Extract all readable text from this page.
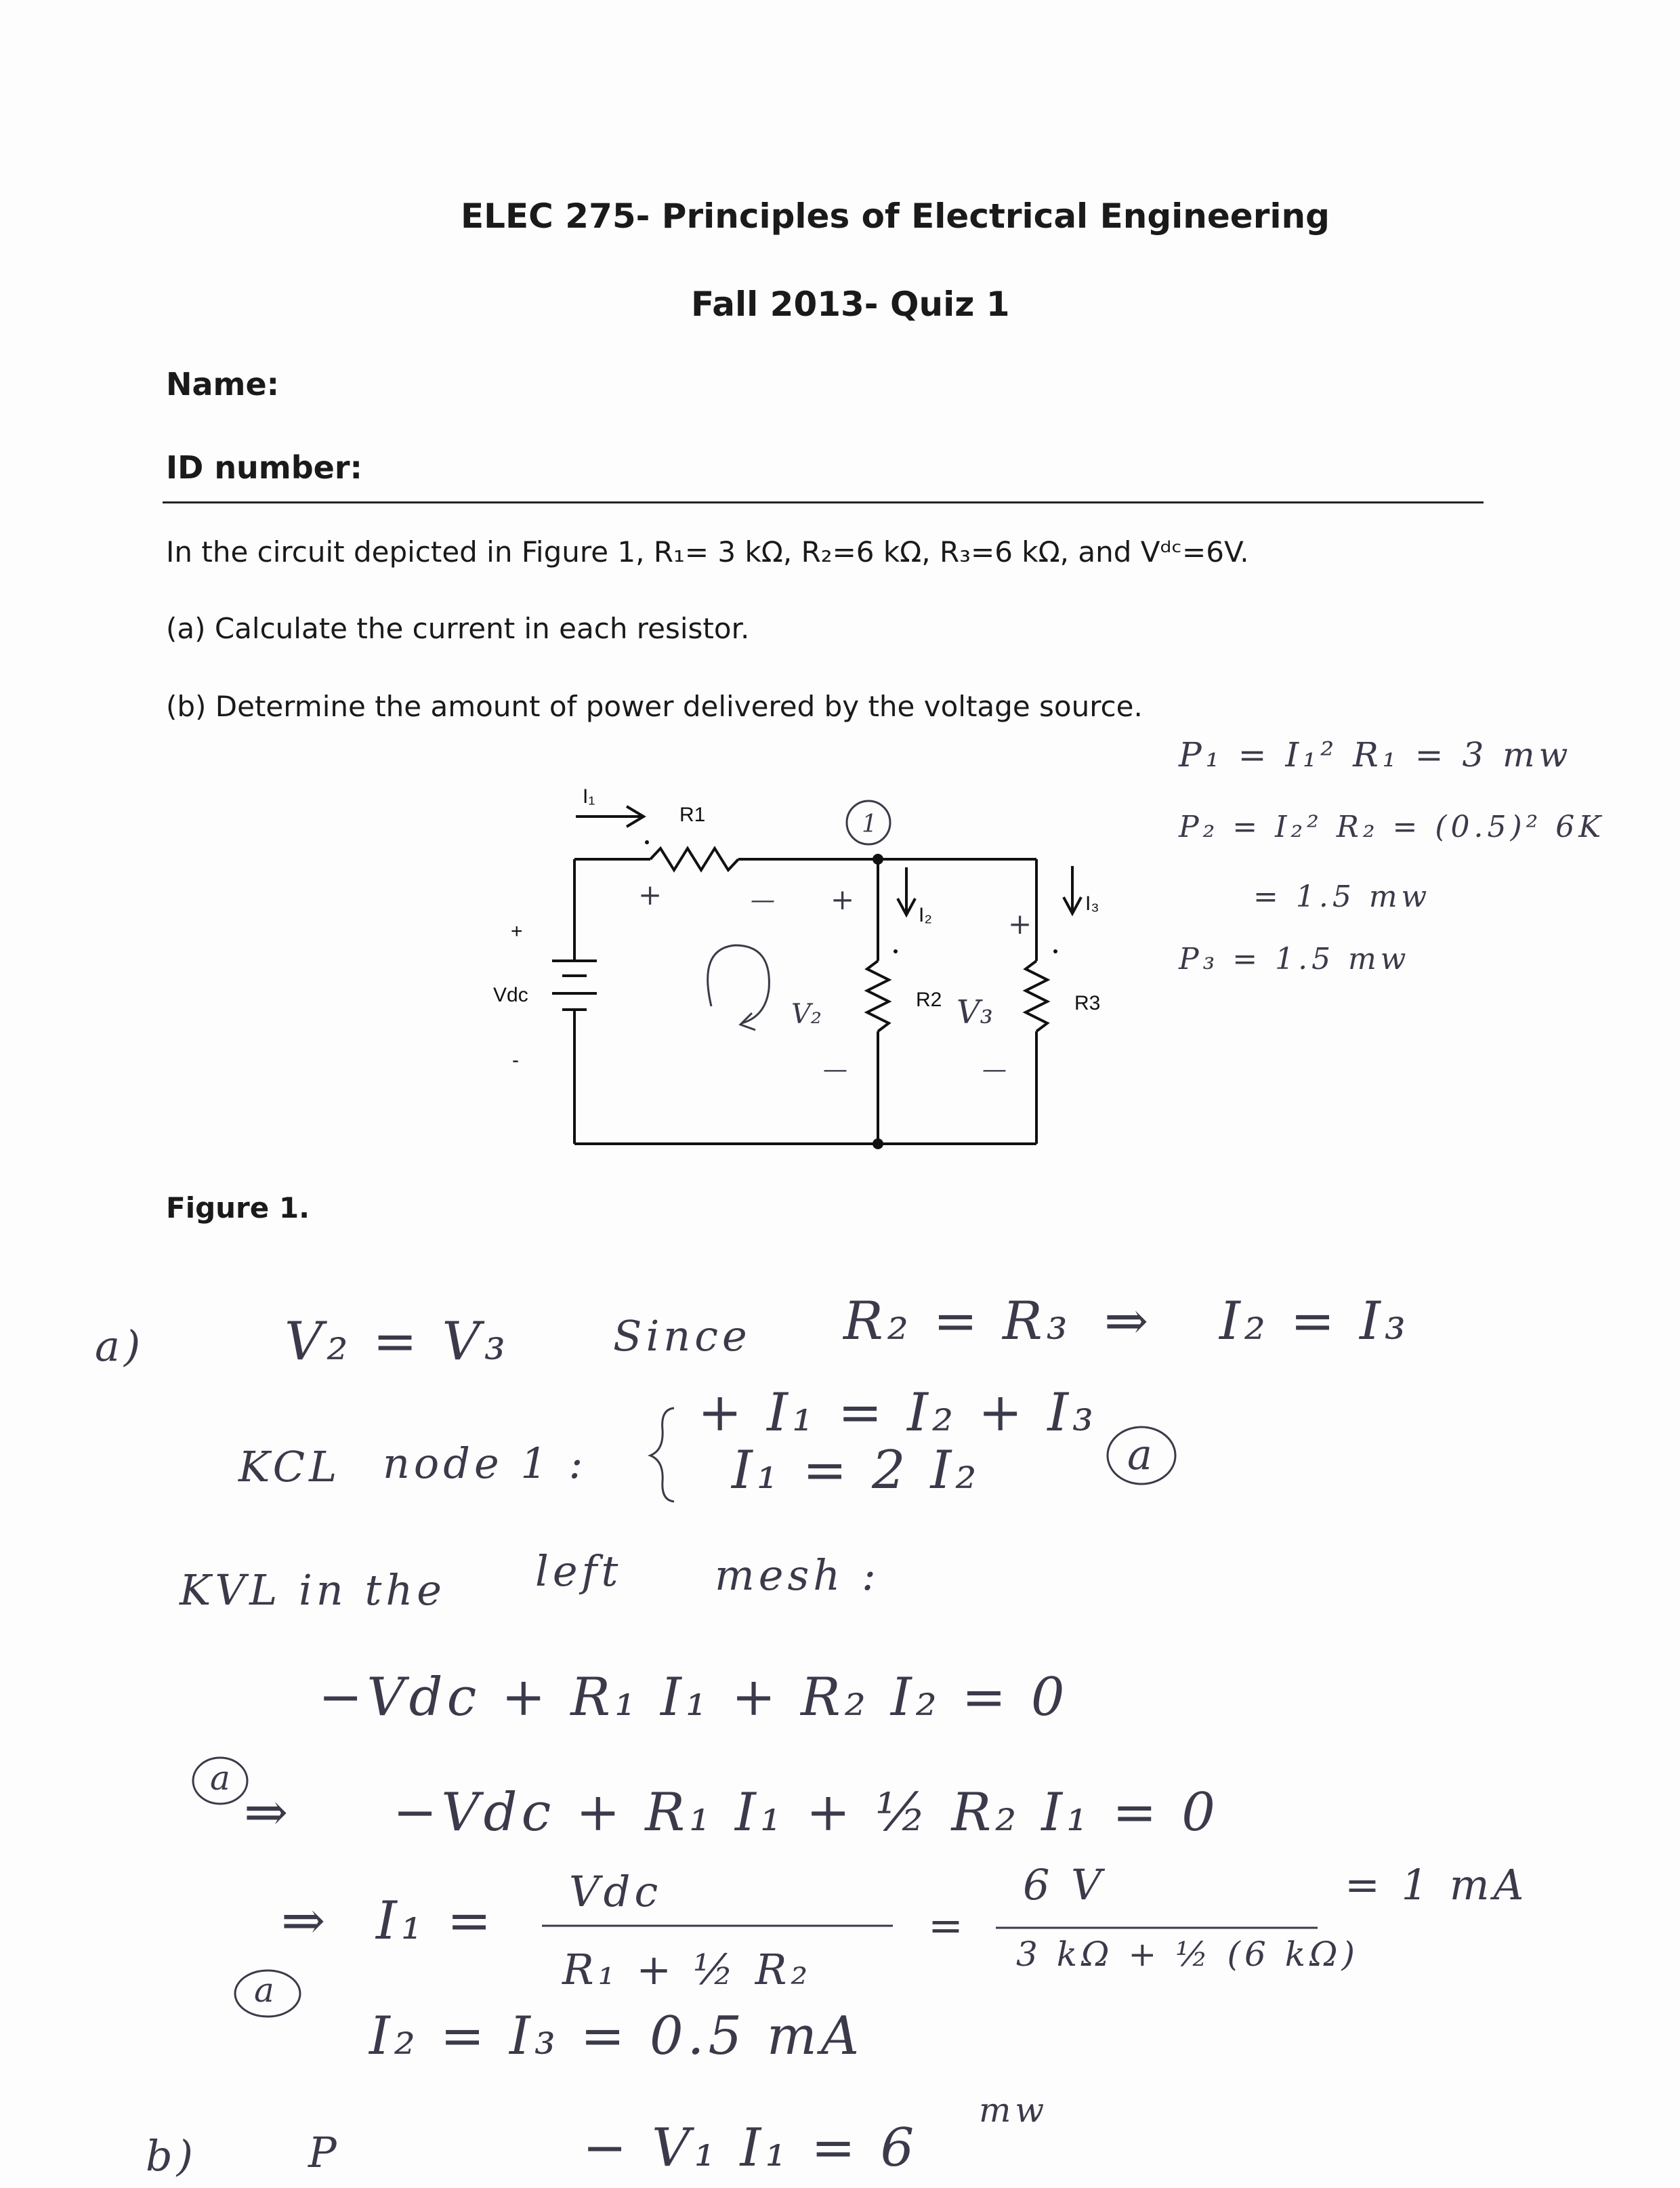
ELEC 275- Principles of Electrical Engineering
Fall 2013- Quiz 1
Name:
ID number:
In the circuit depicted in Figure 1, R₁= 3 kΩ, R₂=6 kΩ, R₃=6 kΩ, and Vᵈᶜ=6V.
(a) Calculate the current in each resistor.
(b) Determine the amount of power delivered by the voltage source.
Figure 1.
R1
R2	R3
Vdc
I₁
I₂
I₃
+
-
1
V₂	V₃
+	— +
+
—	—
P₁ = I₁² R₁ = 3 mw
P₂ = I₂² R₂ = (0.5)² 6K
= 1.5 mw
P₃ = 1.5 mw
a)	V₂ = V₃ Since R₂ = R₃ ⇒ I₂ = I₃
KCL node 1 :
+ I₁ = I₂ + I₃
I₁ = 2 I₂	a
KVL in the left mesh :
−Vdc + R₁ I₁ + R₂ I₂ = 0
a
⇒ −Vdc + R₁ I₁ + ½ R₂ I₁ = 0
⇒ I₁ = Vdc
R₁ + ½ R₂
=
6 V
3 kΩ + ½ (6 kΩ)
= 1 mA
a
I₂ = I₃ = 0.5 mA
b)	P	− V₁ I₁ = 6
mw
